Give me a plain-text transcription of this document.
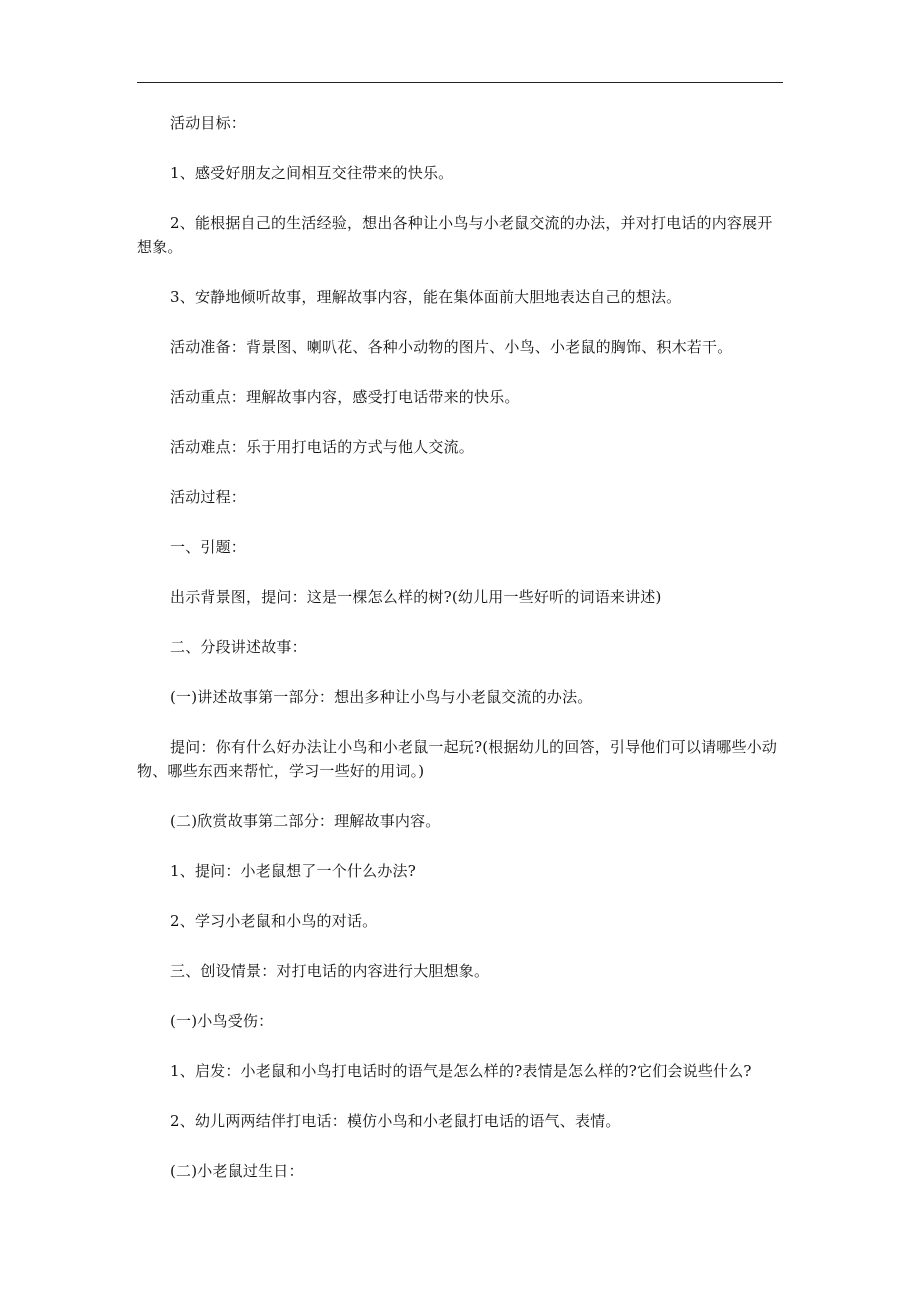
活动目标：

1、感受好朋友之间相互交往带来的快乐。

2、能根据自己的生活经验，想出各种让小鸟与小老鼠交流的办法，并对打电话的内容展开想象。

3、安静地倾听故事，理解故事内容，能在集体面前大胆地表达自己的想法。

活动准备：背景图、喇叭花、各种小动物的图片、小鸟、小老鼠的胸饰、积木若干。

活动重点：理解故事内容，感受打电话带来的快乐。

活动难点：乐于用打电话的方式与他人交流。

活动过程：

一、引题：

出示背景图，提问：这是一棵怎么样的树?(幼儿用一些好听的词语来讲述)

二、分段讲述故事：

(一)讲述故事第一部分：想出多种让小鸟与小老鼠交流的办法。

提问：你有什么好办法让小鸟和小老鼠一起玩?(根据幼儿的回答，引导他们可以请哪些小动物、哪些东西来帮忙，学习一些好的用词。)

(二)欣赏故事第二部分：理解故事内容。

1、提问：小老鼠想了一个什么办法?

2、学习小老鼠和小鸟的对话。

三、创设情景：对打电话的内容进行大胆想象。

(一)小鸟受伤：

1、启发：小老鼠和小鸟打电话时的语气是怎么样的?表情是怎么样的?它们会说些什么?

2、幼儿两两结伴打电话：模仿小鸟和小老鼠打电话的语气、表情。

(二)小老鼠过生日：
